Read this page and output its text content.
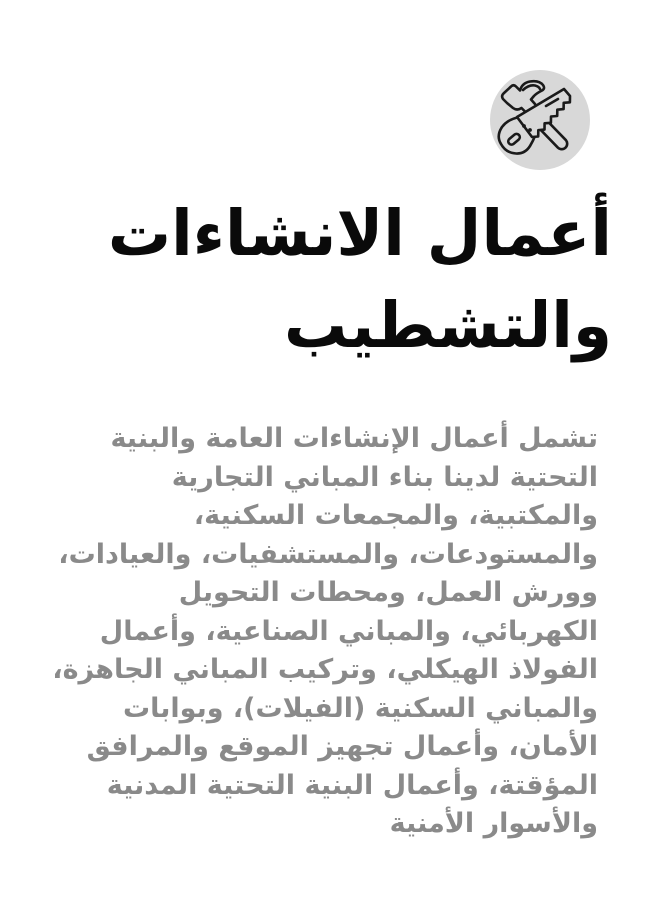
أعمال الانشاءات
والتشطيب

تشمل أعمال الإنشاءات العامة والبنية التحتية لدينا بناء المباني التجارية والمكتبية، والمجمعات السكنية، والمستودعات، والمستشفيات، والعيادات، وورش العمل، ومحطات التحويل الكهربائي، والمباني الصناعية، وأعمال الفولاذ الهيكلي، وتركيب المباني الجاهزة، والمباني السكنية (الفيلات)، وبوابات الأمان، وأعمال تجهيز الموقع والمرافق المؤقتة، وأعمال البنية التحتية المدنية والأسوار الأمنية
